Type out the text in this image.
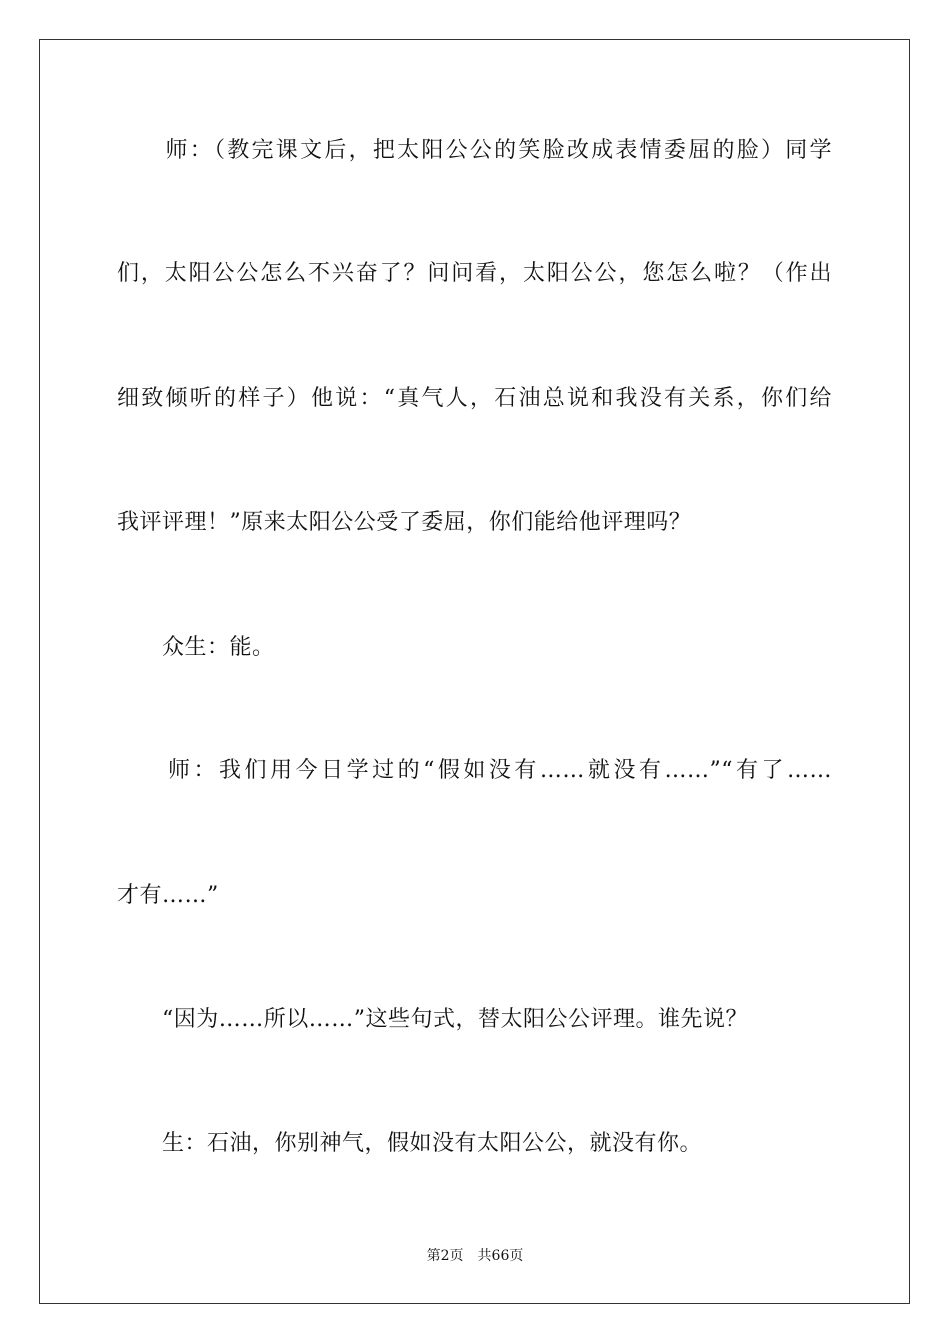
　　师：（教完课文后，把太阳公公的笑脸改成表情委屈的脸）同学
们，太阳公公怎么不兴奋了？问问看，太阳公公，您怎么啦？（作出
细致倾听的样子）他说：“真气人，石油总说和我没有关系，你们给
我评评理！”原来太阳公公受了委屈，你们能给他评理吗？
　　众生：能。
　　师：我们用今日学过的“假如没有……就没有……”“有了……
才有……”
　　“因为……所以……”这些句式，替太阳公公评理。谁先说？
　　生：石油，你别神气，假如没有太阳公公，就没有你。
第2页　共66页
